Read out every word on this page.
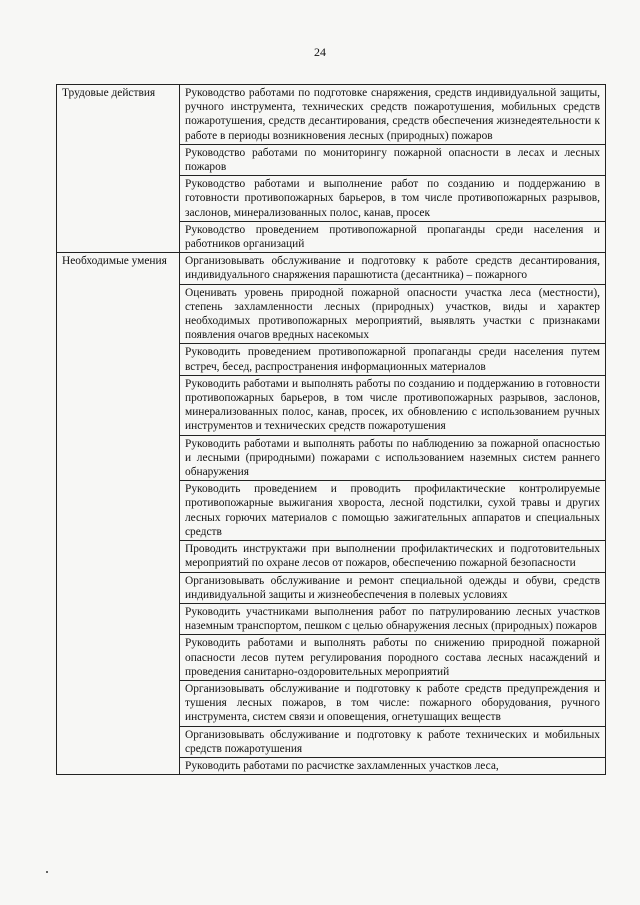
24
Трудовые действия	Руководство работами по подготовке снаряжения, средств индивидуальной защиты, ручного инструмента, технических средств пожаротушения, мобильных средств пожаротушения, средств десантирования, средств обеспечения жизнедеятельности к работе в периоды возникновения лесных (природных) пожаров
	Руководство работами по мониторингу пожарной опасности в лесах и лесных пожаров
	Руководство работами и выполнение работ по созданию и поддержанию в готовности противопожарных барьеров, в том числе противопожарных разрывов, заслонов, минерализованных полос, канав, просек
	Руководство проведением противопожарной пропаганды среди населения и работников организаций
Необходимые умения	Организовывать обслуживание и подготовку к работе средств десантирования, индивидуального снаряжения парашютиста (десантника) – пожарного
	Оценивать уровень природной пожарной опасности участка леса (местности), степень захламленности лесных (природных) участков, виды и характер необходимых противопожарных мероприятий, выявлять участки с признаками появления очагов вредных насекомых
	Руководить проведением противопожарной пропаганды среди населения путем встреч, бесед, распространения информационных материалов
	Руководить работами и выполнять работы по созданию и поддержанию в готовности противопожарных барьеров, в том числе противопожарных разрывов, заслонов, минерализованных полос, канав, просек, их обновлению с использованием ручных инструментов и технических средств пожаротушения
	Руководить работами и выполнять работы по наблюдению за пожарной опасностью и лесными (природными) пожарами с использованием наземных систем раннего обнаружения
	Руководить проведением и проводить профилактические контролируемые противопожарные выжигания хвороста, лесной подстилки, сухой травы и других лесных горючих материалов с помощью зажигательных аппаратов и специальных средств
	Проводить инструктажи при выполнении профилактических и подготовительных мероприятий по охране лесов от пожаров, обеспечению пожарной безопасности
	Организовывать обслуживание и ремонт специальной одежды и обуви, средств индивидуальной защиты и жизнеобеспечения в полевых условиях
	Руководить участниками выполнения работ по патрулированию лесных участков наземным транспортом, пешком с целью обнаружения лесных (природных) пожаров
	Руководить работами и выполнять работы по снижению природной пожарной опасности лесов путем регулирования породного состава лесных насаждений и проведения санитарно-оздоровительных мероприятий
	Организовывать обслуживание и подготовку к работе средств предупреждения и тушения лесных пожаров, в том числе: пожарного оборудования, ручного инструмента, систем связи и оповещения, огнетушащих веществ
	Организовывать обслуживание и подготовку к работе технических и мобильных средств пожаротушения
	Руководить работами по расчистке захламленных участков леса,
